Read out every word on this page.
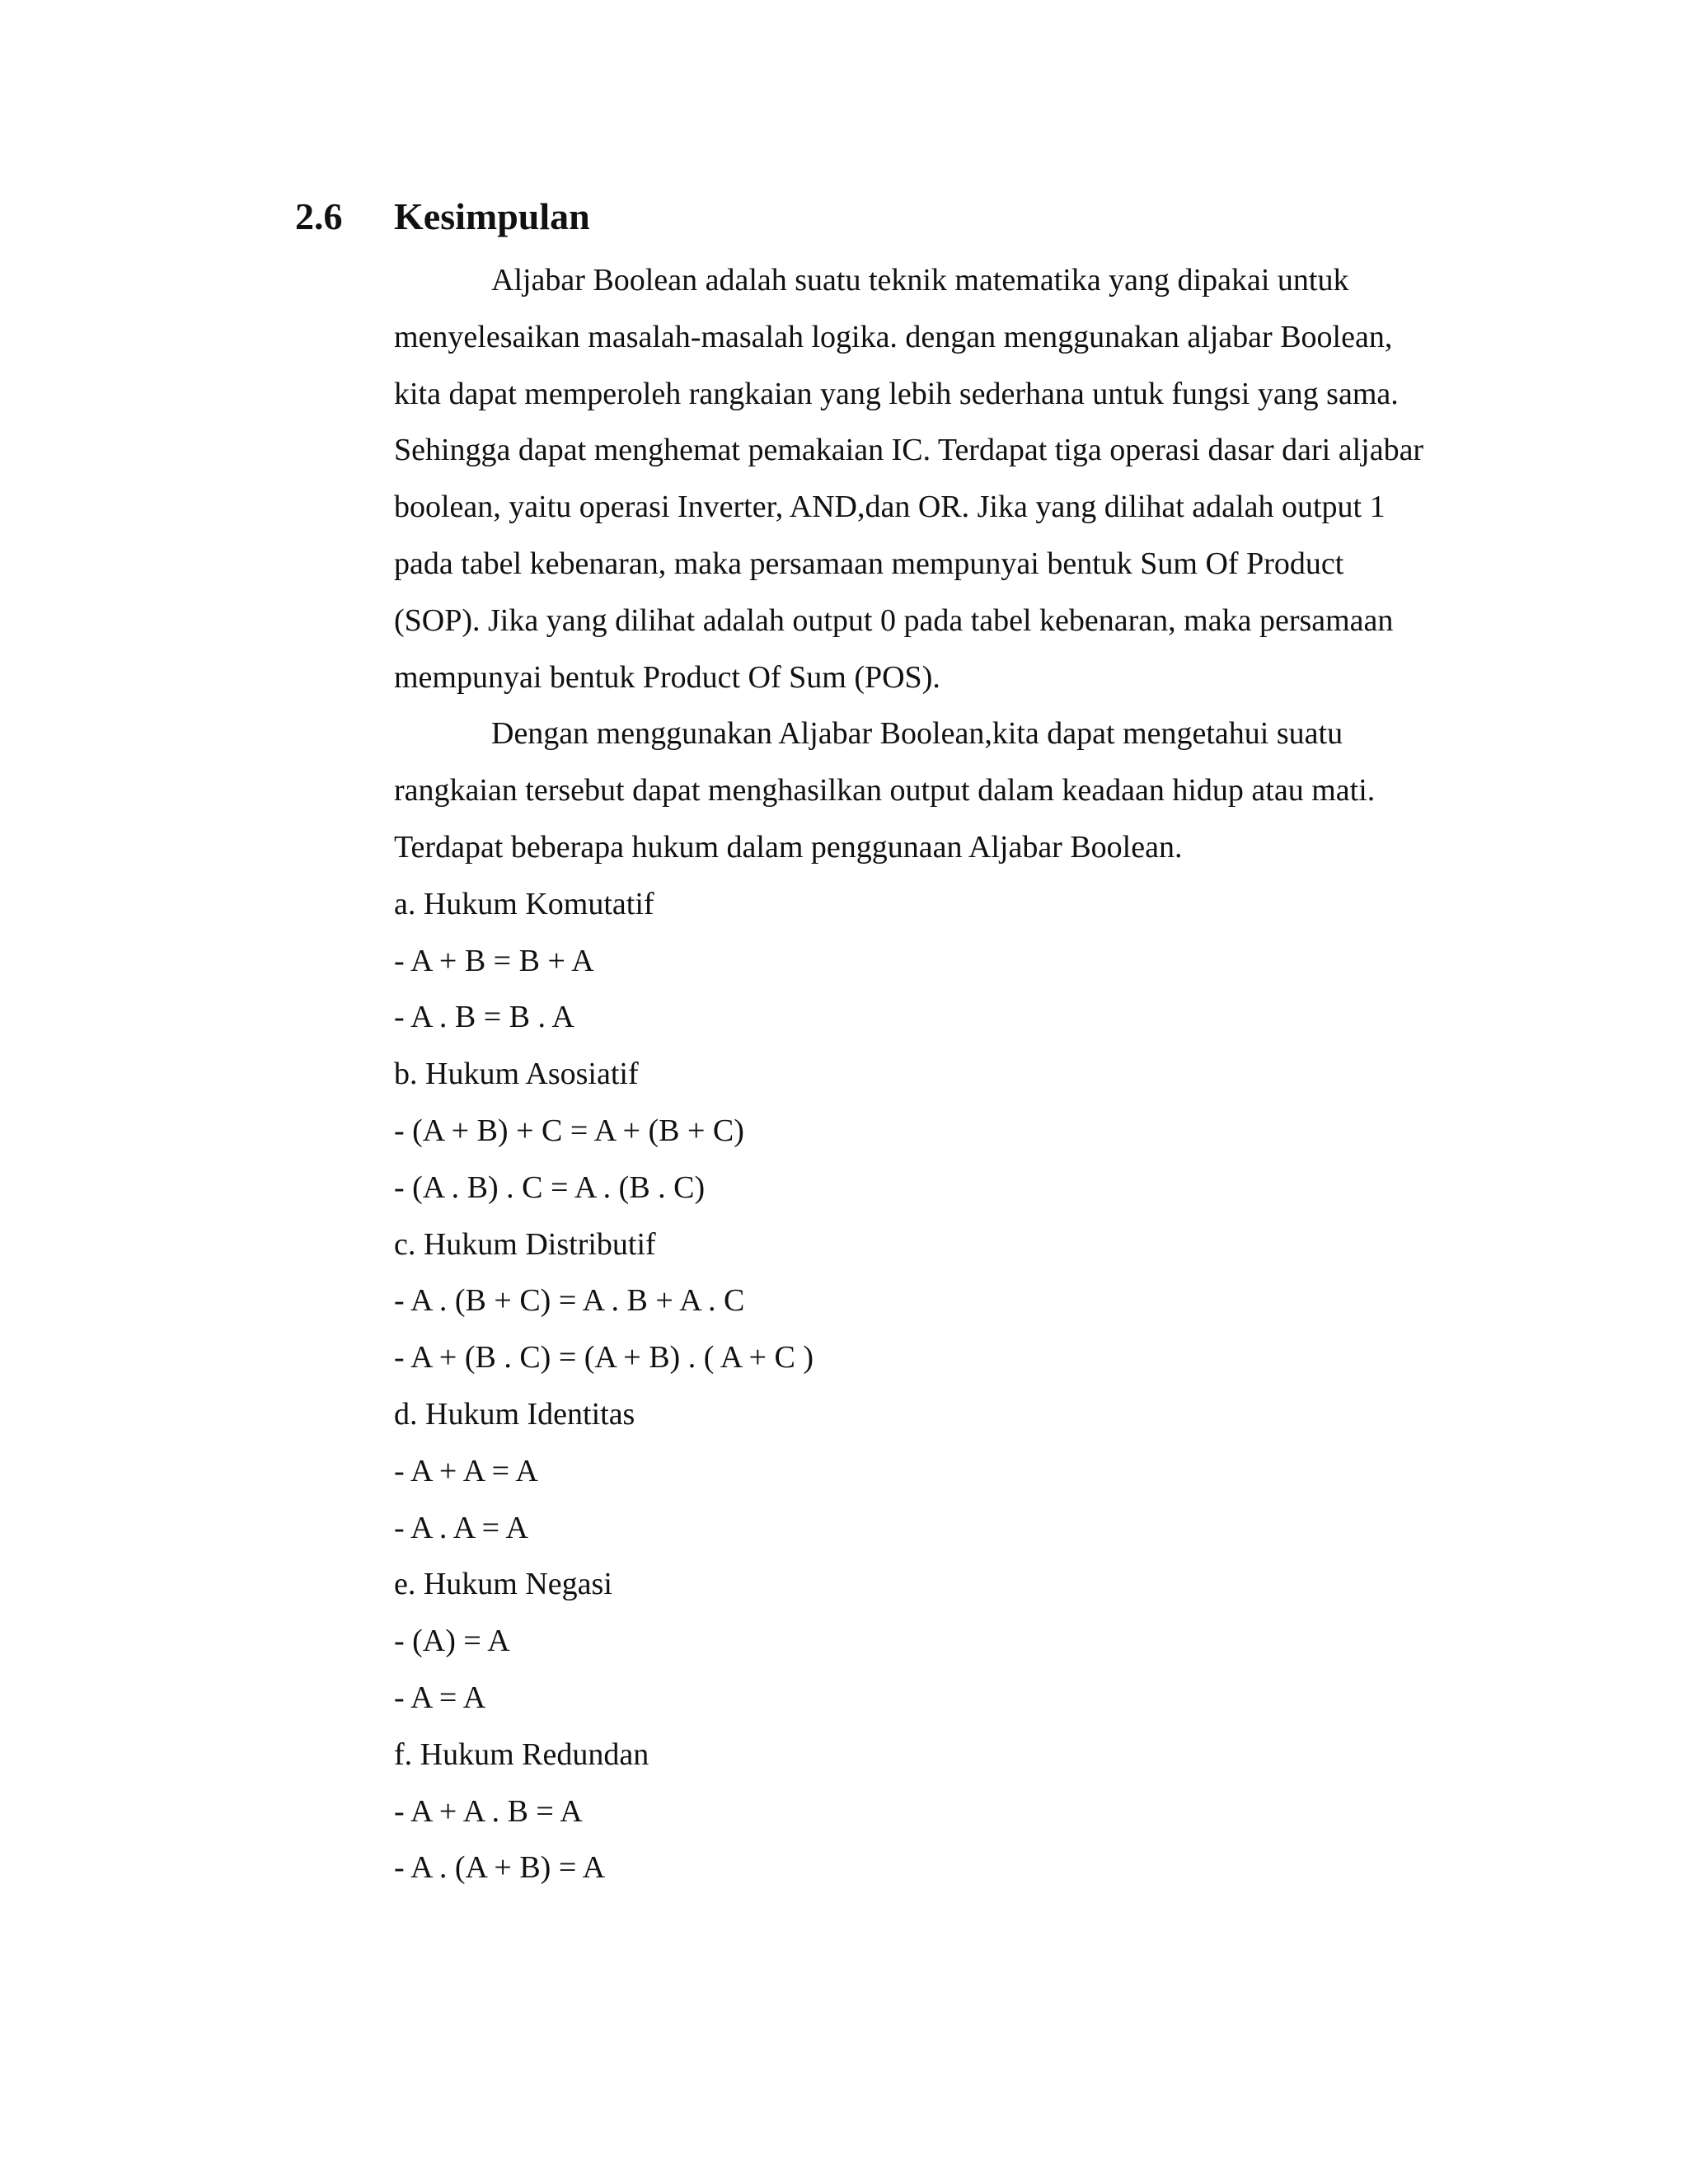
2.6	Kesimpulan
Aljabar Boolean adalah suatu teknik matematika yang dipakai untuk
menyelesaikan masalah-masalah logika. dengan menggunakan aljabar Boolean,
kita dapat memperoleh rangkaian yang lebih sederhana untuk fungsi yang sama.
Sehingga dapat menghemat pemakaian IC. Terdapat tiga operasi dasar dari aljabar
boolean, yaitu operasi Inverter, AND,dan OR. Jika yang dilihat adalah output 1
pada tabel kebenaran, maka persamaan mempunyai bentuk Sum Of Product
(SOP). Jika yang dilihat adalah output 0 pada tabel kebenaran, maka persamaan
mempunyai bentuk Product Of Sum (POS).
Dengan menggunakan Aljabar Boolean,kita dapat mengetahui suatu
rangkaian tersebut dapat menghasilkan output dalam keadaan hidup atau mati.
Terdapat beberapa hukum dalam penggunaan Aljabar Boolean.
a. Hukum Komutatif
- A + B = B + A
- A . B = B . A
b. Hukum Asosiatif
- (A + B) + C = A + (B + C)
- (A . B) . C = A . (B . C)
c. Hukum Distributif
- A . (B + C) = A . B + A . C
- A + (B . C) = (A + B) . ( A + C )
d. Hukum Identitas
- A + A = A
- A . A = A
e. Hukum Negasi
- (A) = A
- A = A
f. Hukum Redundan
- A + A . B = A
- A . (A + B) = A
